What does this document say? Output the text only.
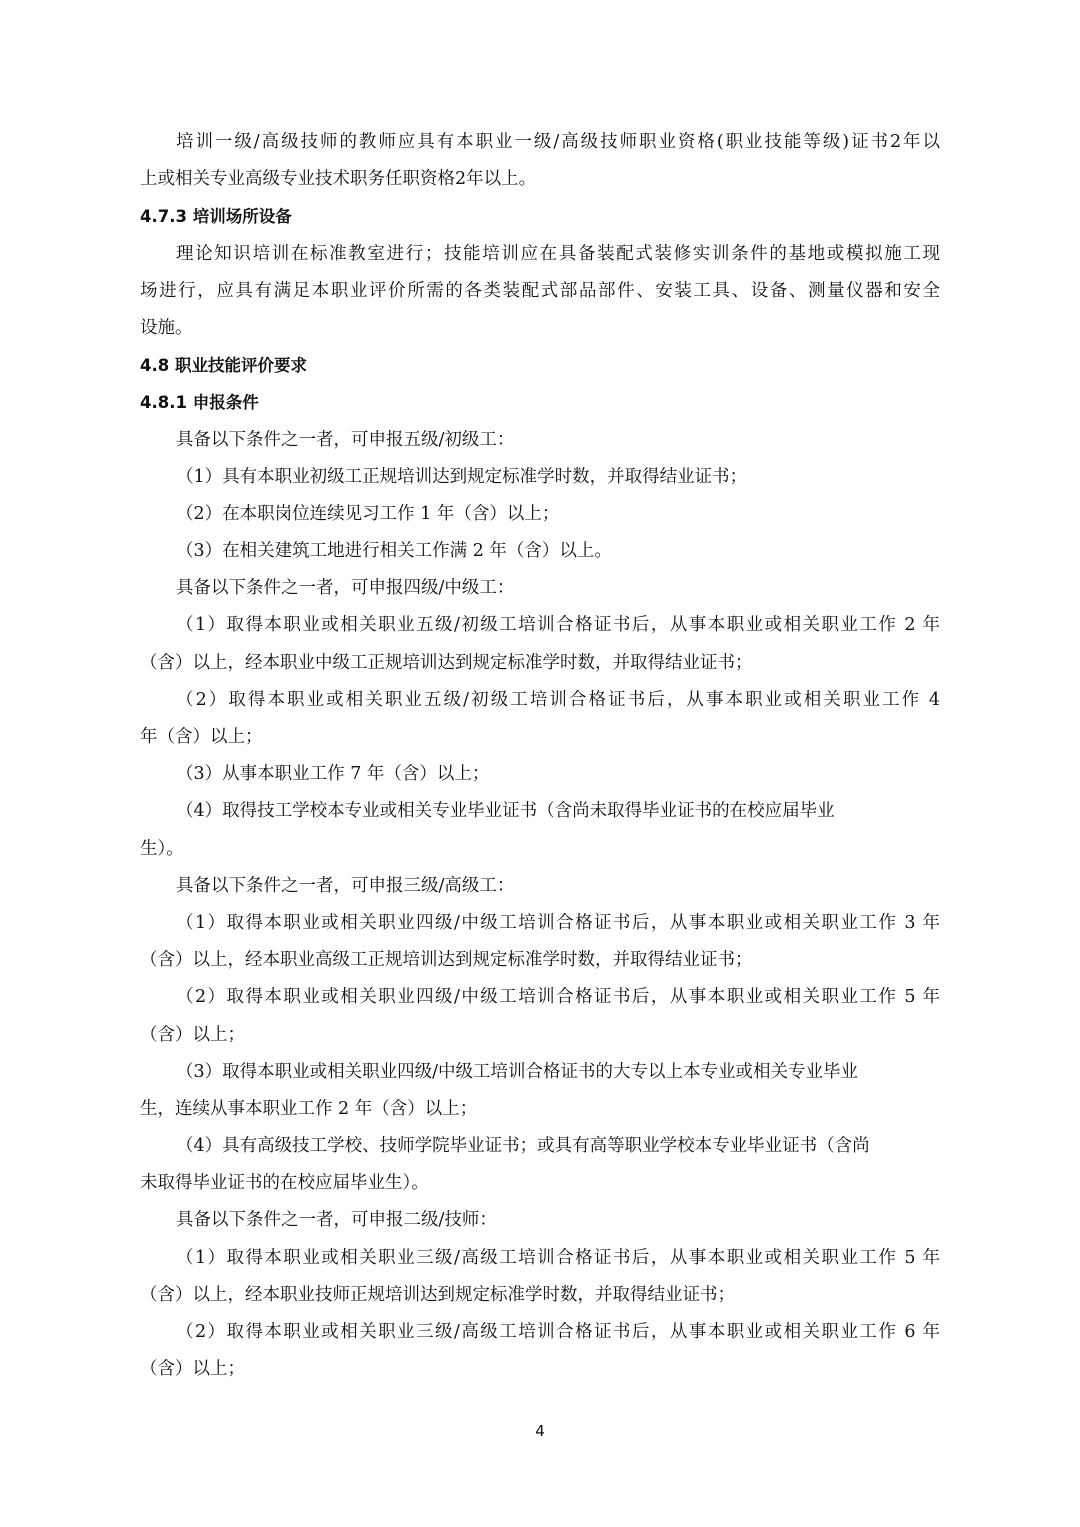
培训一级/高级技师的教师应具有本职业一级/高级技师职业资格(职业技能等级)证书2年以
上或相关专业高级专业技术职务任职资格2年以上。
4.7.3 培训场所设备
理论知识培训在标准教室进行；技能培训应在具备装配式装修实训条件的基地或模拟施工现
场进行，应具有满足本职业评价所需的各类装配式部品部件、安装工具、设备、测量仪器和安全
设施。
4.8 职业技能评价要求
4.8.1 申报条件
具备以下条件之一者，可申报五级/初级工：
（1）具有本职业初级工正规培训达到规定标准学时数，并取得结业证书；
（2）在本职岗位连续见习工作 1 年（含）以上；
（3）在相关建筑工地进行相关工作满 2 年（含）以上。
具备以下条件之一者，可申报四级/中级工：
（1）取得本职业或相关职业五级/初级工培训合格证书后，从事本职业或相关职业工作 2 年
（含）以上，经本职业中级工正规培训达到规定标准学时数，并取得结业证书；
（2）取得本职业或相关职业五级/初级工培训合格证书后，从事本职业或相关职业工作 4
年（含）以上；
（3）从事本职业工作 7 年（含）以上；
（4）取得技工学校本专业或相关专业毕业证书（含尚未取得毕业证书的在校应届毕业
生）。
具备以下条件之一者，可申报三级/高级工：
（1）取得本职业或相关职业四级/中级工培训合格证书后，从事本职业或相关职业工作 3 年
（含）以上，经本职业高级工正规培训达到规定标准学时数，并取得结业证书；
（2）取得本职业或相关职业四级/中级工培训合格证书后，从事本职业或相关职业工作 5 年
（含）以上；
（3）取得本职业或相关职业四级/中级工培训合格证书的大专以上本专业或相关专业毕业
生，连续从事本职业工作 2 年（含）以上；
（4）具有高级技工学校、技师学院毕业证书；或具有高等职业学校本专业毕业证书（含尚
未取得毕业证书的在校应届毕业生）。
具备以下条件之一者，可申报二级/技师：
（1）取得本职业或相关职业三级/高级工培训合格证书后，从事本职业或相关职业工作 5 年
（含）以上，经本职业技师正规培训达到规定标准学时数，并取得结业证书；
（2）取得本职业或相关职业三级/高级工培训合格证书后，从事本职业或相关职业工作 6 年
（含）以上；
4
